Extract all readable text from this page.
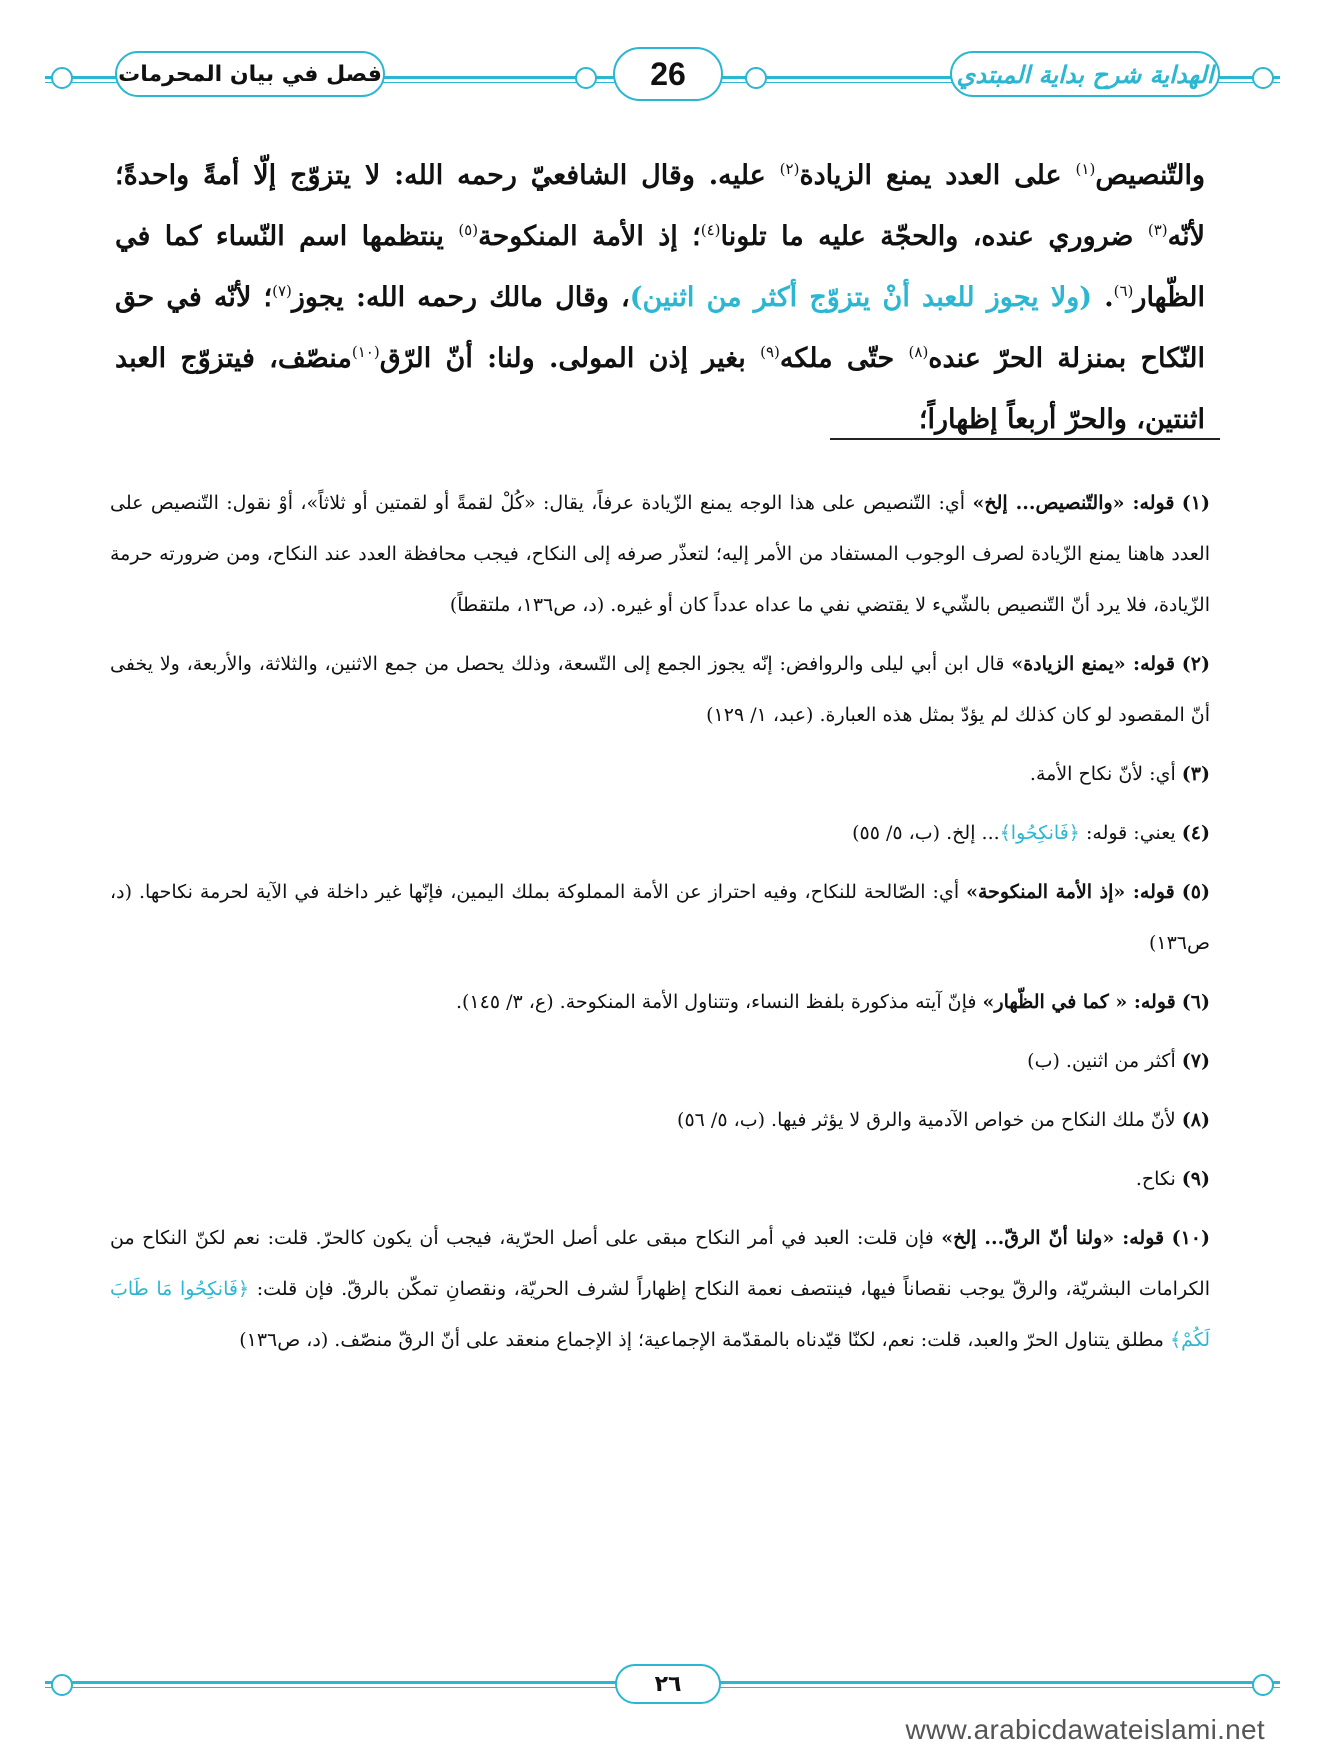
الهداية شرح بداية المبتدي
26
فصل في بيان المحرمات

والتّنصيص$^{(١)}$ على العدد يمنع الزيادة$^{(٢)}$ عليه. وقال الشافعيّ رحمه الله: لا يتزوّج إلّا أمةً واحدةً؛ لأنّه$^{(٣)}$ ضروري عنده، والحجّة عليه ما تلونا$^{(٤)}$؛ إذ الأمة المنكوحة$^{(٥)}$ ينتظمها اسم النّساء كما في الظّهار$^{(٦)}$. (ولا يجوز للعبد أنْ يتزوّج أكثر من اثنين)، وقال مالك رحمه الله: يجوز$^{(٧)}$؛ لأنّه في حق النّكاح بمنزلة الحرّ عنده$^{(٨)}$ حتّى ملكه$^{(٩)}$ بغير إذن المولى. ولنا: أنّ الرّق$^{(١٠)}$منصّف، فيتزوّج العبد اثنتين، والحرّ أربعاً إظهاراً؛

(١) قوله: «والتّنصيص... إلخ» أي: التّنصيص على هذا الوجه يمنع الزّيادة عرفاً، يقال: «كُلْ لقمةً أو لقمتين أو ثلاثاً»، أوْ نقول: التّنصيص على العدد هاهنا يمنع الزّيادة لصرف الوجوب المستفاد من الأمر إليه؛ لتعذّر صرفه إلى النكاح، فيجب محافظة العدد عند النكاح، ومن ضرورته حرمة الزّيادة، فلا يرد أنّ التّنصيص بالشّيء لا يقتضي نفي ما عداه عدداً كان أو غيره. (د، ص١٣٦، ملتقطاً)

(٢) قوله: «يمنع الزيادة» قال ابن أبي ليلى والروافض: إنّه يجوز الجمع إلى التّسعة، وذلك يحصل من جمع الاثنين، والثلاثة، والأربعة، ولا يخفى أنّ المقصود لو كان كذلك لم يؤدّ بمثل هذه العبارة. (عبد، ١/ ١٢٩)

(٣) أي: لأنّ نكاح الأمة.

(٤) يعني: قوله: ﴿فَانكِحُوا﴾... إلخ. (ب، ٥/ ٥٥)

(٥) قوله: «إذ الأمة المنكوحة» أي: الصّالحة للنكاح، وفيه احتراز عن الأمة المملوكة بملك اليمين، فإنّها غير داخلة في الآية لحرمة نكاحها. (د، ص١٣٦)

(٦) قوله: « كما في الظّهار» فإنّ آيته مذكورة بلفظ النساء، وتتناول الأمة المنكوحة. (ع، ٣/ ١٤٥).

(٧) أكثر من اثنين. (ب)

(٨) لأنّ ملك النكاح من خواص الآدمية والرق لا يؤثر فيها. (ب، ٥/ ٥٦)

(٩) نكاح.

(١٠) قوله: «ولنا أنّ الرقّ... إلخ» فإن قلت: العبد في أمر النكاح مبقى على أصل الحرّية، فيجب أن يكون كالحرّ. قلت: نعم لكنّ النكاح من الكرامات البشريّة، والرقّ يوجب نقصاناً فيها، فينتصف نعمة النكاح إظهاراً لشرف الحريّة، ونقصانِ تمكّن بالرقّ. فإن قلت: ﴿فَانكِحُوا مَا طَابَ لَكُمْ﴾ مطلق يتناول الحرّ والعبد، قلت: نعم، لكنّا قيّدناه بالمقدّمة الإجماعية؛ إذ الإجماع منعقد على أنّ الرقّ منصّف. (د، ص١٣٦)

٢٦
www.arabicdawateislami.net
